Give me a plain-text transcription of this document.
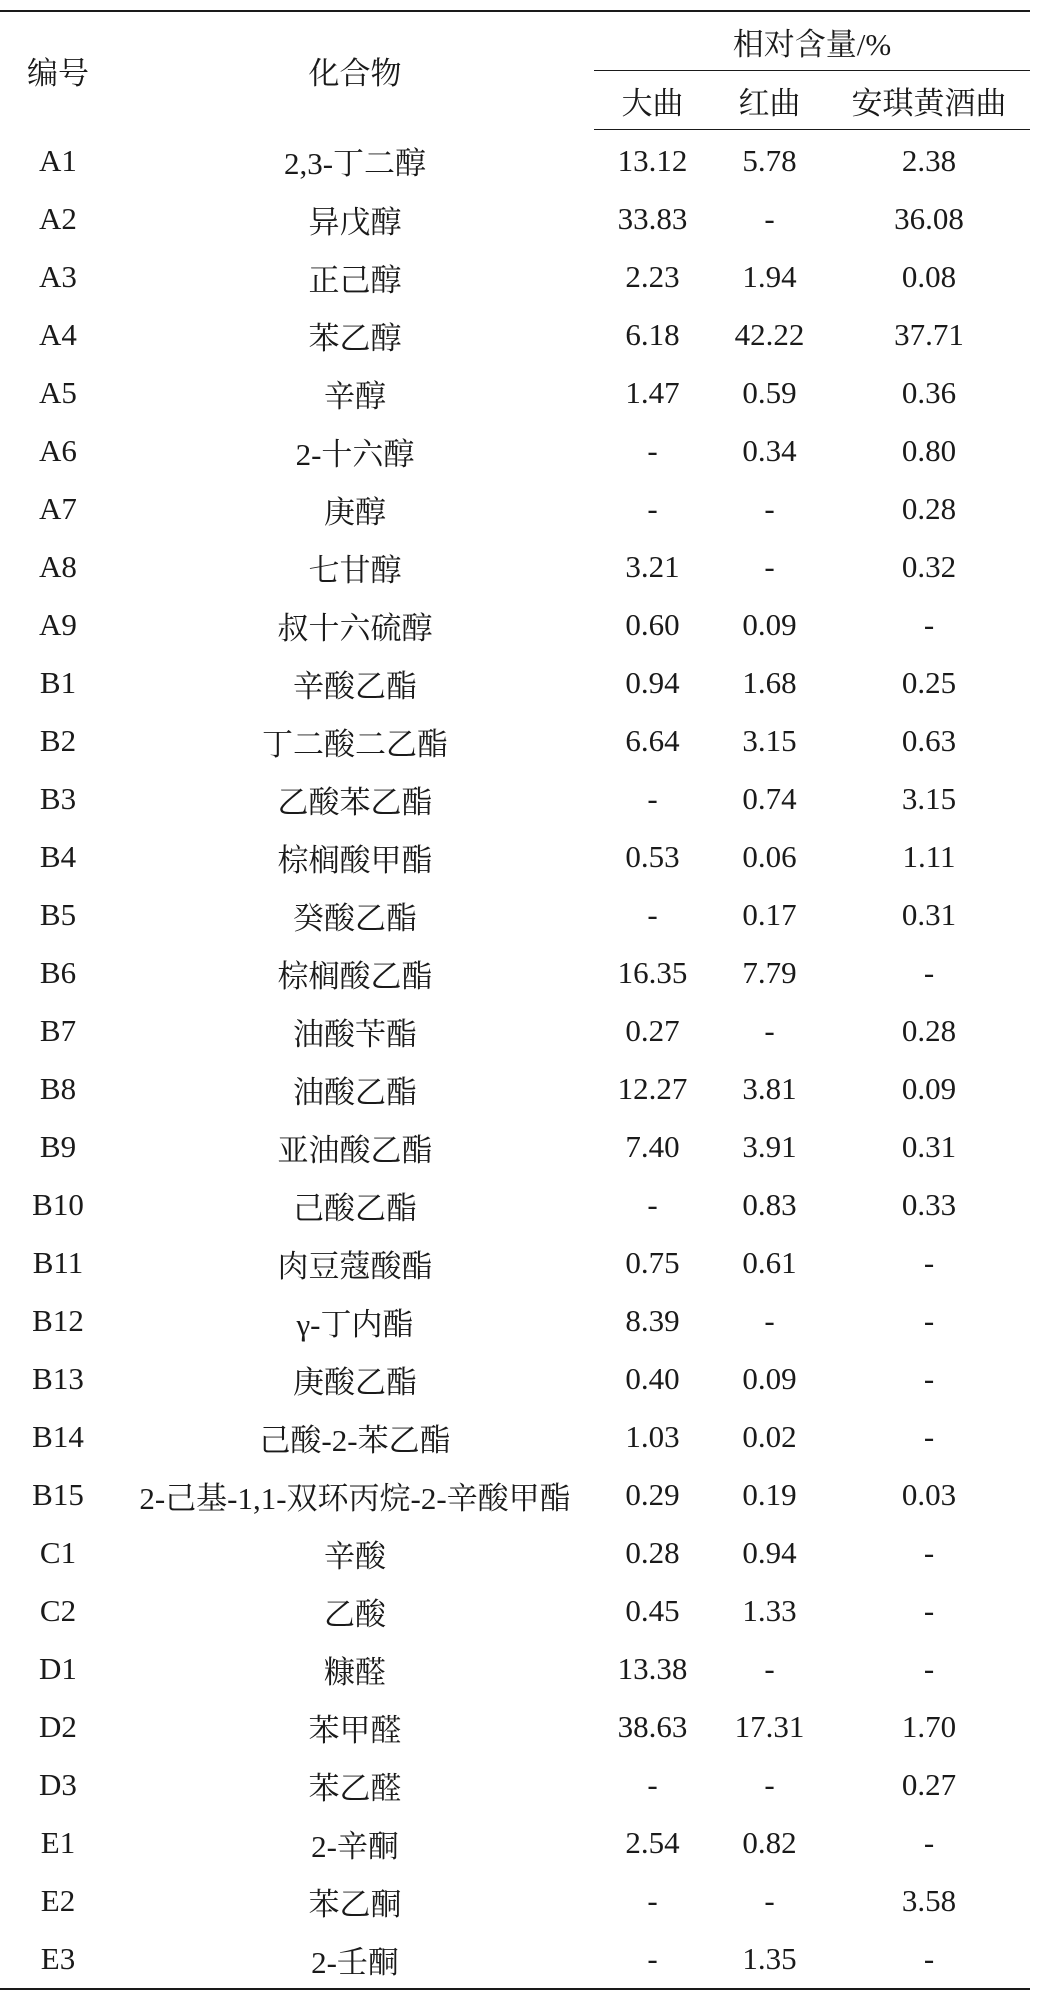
编号	化合物	相对含量/%		
		大曲	红曲	安琪黄酒曲
A1	2,3-丁二醇	13.12	5.78	2.38
A2	异戊醇	33.83	-	36.08
A3	正己醇	2.23	1.94	0.08
A4	苯乙醇	6.18	42.22	37.71
A5	辛醇	1.47	0.59	0.36
A6	2-十六醇	-	0.34	0.80
A7	庚醇	-	-	0.28
A8	七甘醇	3.21	-	0.32
A9	叔十六硫醇	0.60	0.09	-
B1	辛酸乙酯	0.94	1.68	0.25
B2	丁二酸二乙酯	6.64	3.15	0.63
B3	乙酸苯乙酯	-	0.74	3.15
B4	棕榈酸甲酯	0.53	0.06	1.11
B5	癸酸乙酯	-	0.17	0.31
B6	棕榈酸乙酯	16.35	7.79	-
B7	油酸苄酯	0.27	-	0.28
B8	油酸乙酯	12.27	3.81	0.09
B9	亚油酸乙酯	7.40	3.91	0.31
B10	己酸乙酯	-	0.83	0.33
B11	肉豆蔻酸酯	0.75	0.61	-
B12	γ-丁内酯	8.39	-	-
B13	庚酸乙酯	0.40	0.09	-
B14	己酸-2-苯乙酯	1.03	0.02	-
B15	2-己基-1,1-双环丙烷-2-辛酸甲酯	0.29	0.19	0.03
C1	辛酸	0.28	0.94	-
C2	乙酸	0.45	1.33	-
D1	糠醛	13.38	-	-
D2	苯甲醛	38.63	17.31	1.70
D3	苯乙醛	-	-	0.27
E1	2-辛酮	2.54	0.82	-
E2	苯乙酮	-	-	3.58
E3	2-壬酮	-	1.35	-
